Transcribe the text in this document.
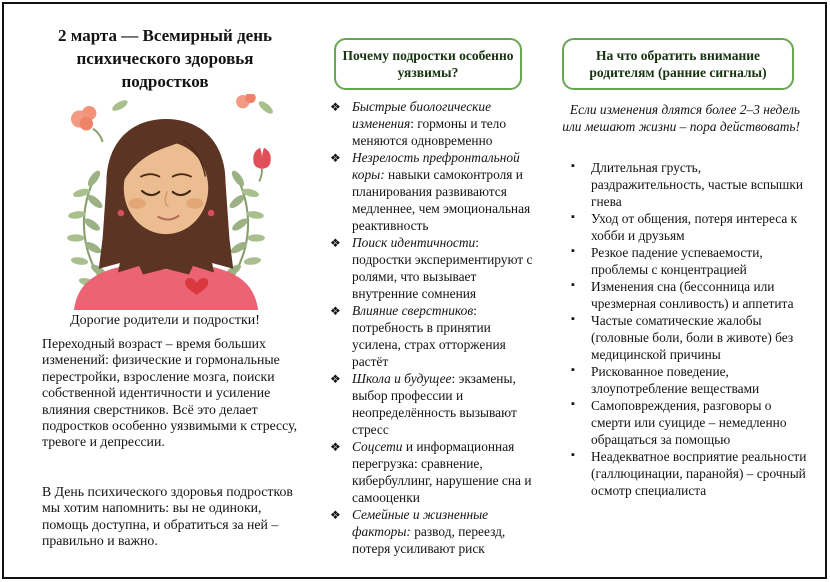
2 марта — Всемирный день психического здоровья подростков
Дорогие родители и подростки!
Переходный возраст – время больших изменений: физические и гормональные перестройки, взросление мозга, поиски собственной идентичности и усиление влияния сверстников. Всё это делает подростков особенно уязвимыми к стрессу, тревоге и депрессии.
В День психического здоровья подростков мы хотим напомнить: вы не одиноки, помощь доступна, и обратиться за ней – правильно и важно.
Почему подростки особенно уязвимы?
❖ Быстрые биологические изменения: гормоны и тело меняются одновременно
❖ Незрелость префронтальной коры: навыки самоконтроля и планирования развиваются медленнее, чем эмоциональная реактивность
❖ Поиск идентичности: подростки экспериментируют с ролями, что вызывает внутренние сомнения
❖ Влияние сверстников: потребность в принятии усилена, страх отторжения растёт
❖ Школа и будущее: экзамены, выбор профессии и неопределённость вызывают стресс
❖ Соцсети и информационная перегрузка: сравнение, кибербуллинг, нарушение сна и самооценки
❖ Семейные и жизненные факторы: развод, переезд, потеря усиливают риск
На что обратить внимание родителям (ранние сигналы)
Если изменения длятся более 2–3 недель или мешают жизни – пора действовать!
▪ Длительная грусть, раздражительность, частые вспышки гнева
▪ Уход от общения, потеря интереса к хобби и друзьям
▪ Резкое падение успеваемости, проблемы с концентрацией
▪ Изменения сна (бессонница или чрезмерная сонливость) и аппетита
▪ Частые соматические жалобы (головные боли, боли в животе) без медицинской причины
▪ Рискованное поведение, злоупотребление веществами
▪ Самоповреждения, разговоры о смерти или суициде – немедленно обращаться за помощью
▪ Неадекватное восприятие реальности (галлюцинации, паранойя) – срочный осмотр специалиста
